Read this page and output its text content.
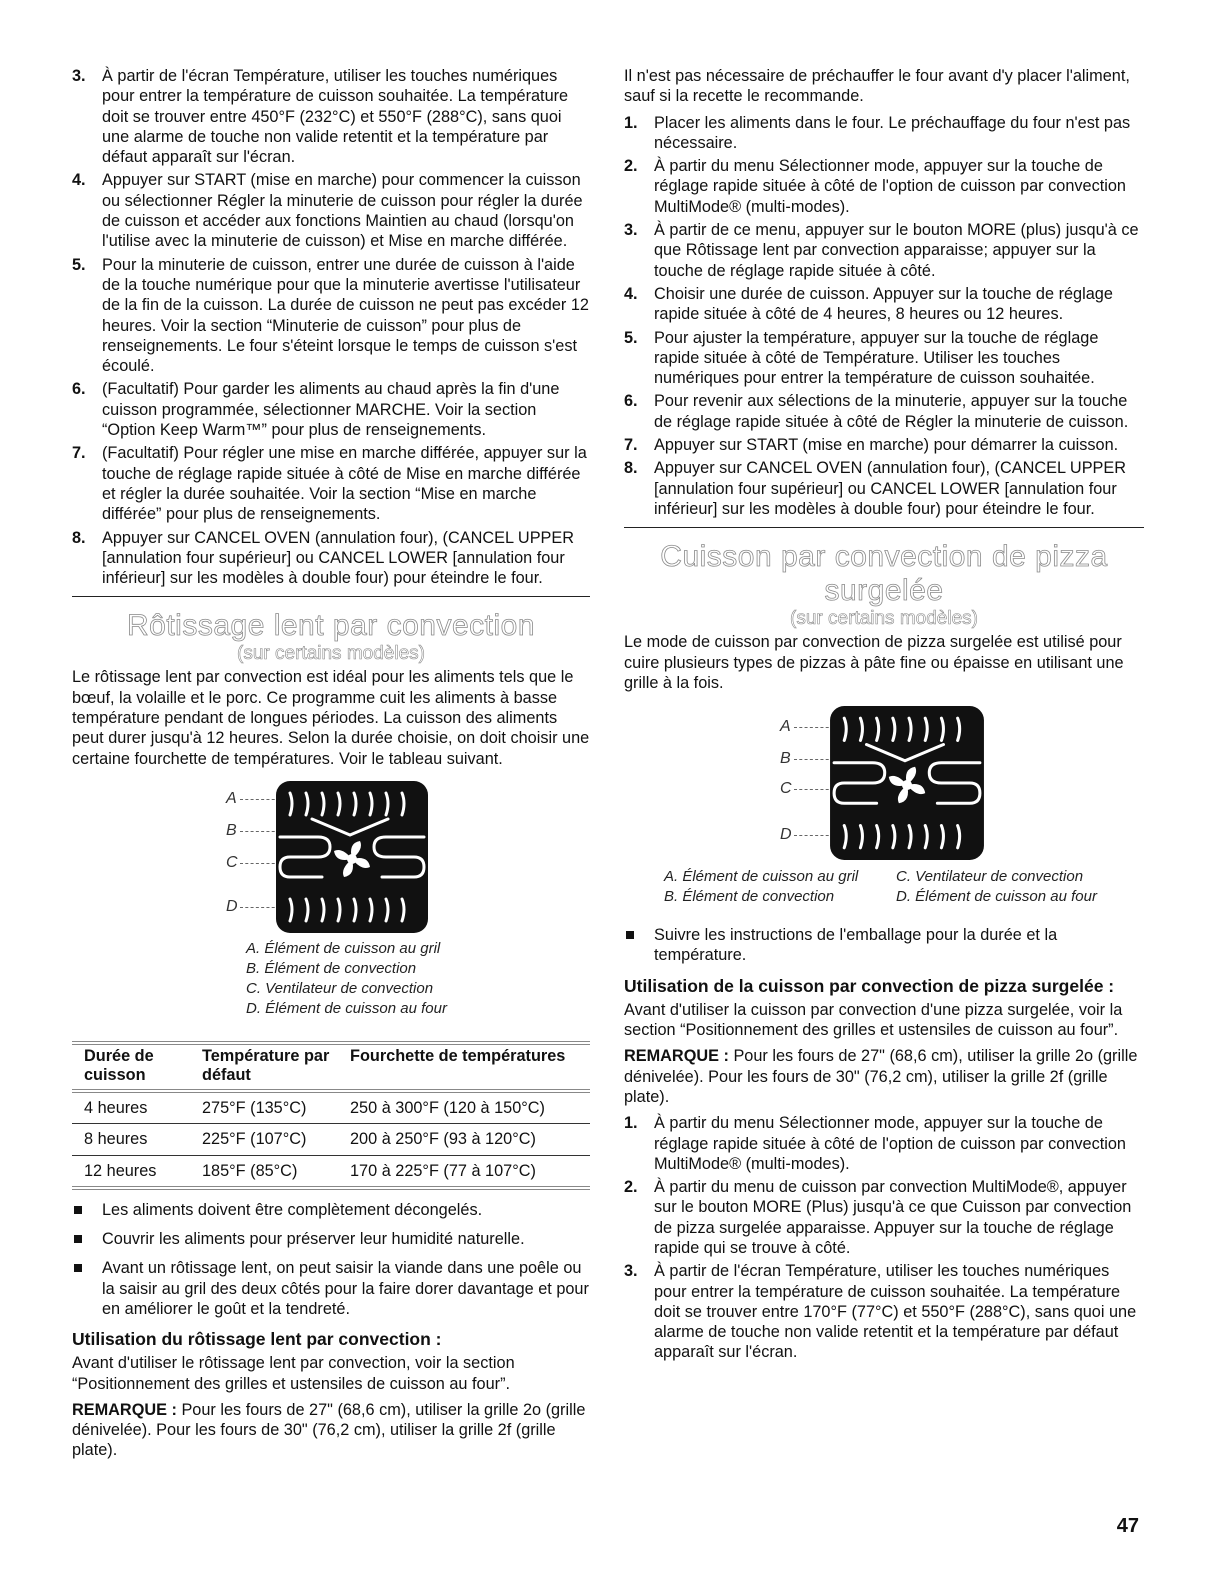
3. À partir de l'écran Température, utiliser les touches numériques pour entrer la température de cuisson souhaitée. La température doit se trouver entre 450°F (232°C) et 550°F (288°C), sans quoi une alarme de touche non valide retentit et la température par défaut apparaît sur l'écran.
4. Appuyer sur START (mise en marche) pour commencer la cuisson ou sélectionner Régler la minuterie de cuisson pour régler la durée de cuisson et accéder aux fonctions Maintien au chaud (lorsqu'on l'utilise avec la minuterie de cuisson) et Mise en marche différée.
5. Pour la minuterie de cuisson, entrer une durée de cuisson à l'aide de la touche numérique pour que la minuterie avertisse l'utilisateur de la fin de la cuisson. La durée de cuisson ne peut pas excéder 12 heures. Voir la section “Minuterie de cuisson” pour plus de renseignements. Le four s'éteint lorsque le temps de cuisson s'est écoulé.
6. (Facultatif) Pour garder les aliments au chaud après la fin d'une cuisson programmée, sélectionner MARCHE. Voir la section “Option Keep Warm™” pour plus de renseignements.
7. (Facultatif) Pour régler une mise en marche différée, appuyer sur la touche de réglage rapide située à côté de Mise en marche différée et régler la durée souhaitée. Voir la section “Mise en marche différée” pour plus de renseignements.
8. Appuyer sur CANCEL OVEN (annulation four), (CANCEL UPPER [annulation four supérieur] ou CANCEL LOWER [annulation four inférieur] sur les modèles à double four) pour éteindre le four.
Rôtissage lent par convection
(sur certains modèles)

Le rôtissage lent par convection est idéal pour les aliments tels que le bœuf, la volaille et le porc. Ce programme cuit les aliments à basse température pendant de longues périodes. La cuisson des aliments peut durer jusqu'à 12 heures. Selon la durée choisie, on doit choisir une certaine fourchette de températures. Voir le tableau suivant.

A
B
C
D
A. Élément de cuisson au gril
B. Élément de convection
C. Ventilateur de convection
D. Élément de cuisson au four
Durée de cuisson	Température par défaut	Fourchette de températures
4 heures	275°F (135°C)	250 à 300°F (120 à 150°C)
8 heures	225°F (107°C)	200 à 250°F (93 à 120°C)
12 heures	185°F (85°C)	170 à 225°F (77 à 107°C)
Les aliments doivent être complètement décongelés.
Couvrir les aliments pour préserver leur humidité naturelle.
Avant un rôtissage lent, on peut saisir la viande dans une poêle ou la saisir au gril des deux côtés pour la faire dorer davantage et pour en améliorer le goût et la tendreté.
Utilisation du rôtissage lent par convection :

Avant d'utiliser le rôtissage lent par convection, voir la section “Positionnement des grilles et ustensiles de cuisson au four”.

REMARQUE : Pour les fours de 27" (68,6 cm), utiliser la grille 2o (grille dénivelée). Pour les fours de 30" (76,2 cm), utiliser la grille 2f (grille plate).

Il n'est pas nécessaire de préchauffer le four avant d'y placer l'aliment, sauf si la recette le recommande.

1. Placer les aliments dans le four. Le préchauffage du four n'est pas nécessaire.
2. À partir du menu Sélectionner mode, appuyer sur la touche de réglage rapide située à côté de l'option de cuisson par convection MultiMode® (multi-modes).
3. À partir de ce menu, appuyer sur le bouton MORE (plus) jusqu'à ce que Rôtissage lent par convection apparaisse; appuyer sur la touche de réglage rapide située à côté.
4. Choisir une durée de cuisson. Appuyer sur la touche de réglage rapide située à côté de 4 heures, 8 heures ou 12 heures.
5. Pour ajuster la température, appuyer sur la touche de réglage rapide située à côté de Température. Utiliser les touches numériques pour entrer la température de cuisson souhaitée.
6. Pour revenir aux sélections de la minuterie, appuyer sur la touche de réglage rapide située à côté de Régler la minuterie de cuisson.
7. Appuyer sur START (mise en marche) pour démarrer la cuisson.
8. Appuyer sur CANCEL OVEN (annulation four), (CANCEL UPPER [annulation four supérieur] ou CANCEL LOWER [annulation four inférieur] sur les modèles à double four) pour éteindre le four.
Cuisson par convection de pizza surgelée
(sur certains modèles)

Le mode de cuisson par convection de pizza surgelée est utilisé pour cuire plusieurs types de pizzas à pâte fine ou épaisse en utilisant une grille à la fois.

A
B
C
D
A. Élément de cuisson au gril	C. Ventilateur de convection
B. Élément de convection	D. Élément de cuisson au four
Suivre les instructions de l'emballage pour la durée et la température.
Utilisation de la cuisson par convection de pizza surgelée :

Avant d'utiliser la cuisson par convection d'une pizza surgelée, voir la section “Positionnement des grilles et ustensiles de cuisson au four”.

REMARQUE : Pour les fours de 27" (68,6 cm), utiliser la grille 2o (grille dénivelée). Pour les fours de 30" (76,2 cm), utiliser la grille 2f (grille plate).

1. À partir du menu Sélectionner mode, appuyer sur la touche de réglage rapide située à côté de l'option de cuisson par convection MultiMode® (multi-modes).
2. À partir du menu de cuisson par convection MultiMode®, appuyer sur le bouton MORE (Plus) jusqu'à ce que Cuisson par convection de pizza surgelée apparaisse. Appuyer sur la touche de réglage rapide qui se trouve à côté.
3. À partir de l'écran Température, utiliser les touches numériques pour entrer la température de cuisson souhaitée. La température doit se trouver entre 170°F (77°C) et 550°F (288°C), sans quoi une alarme de touche non valide retentit et la température par défaut apparaît sur l'écran.
47
